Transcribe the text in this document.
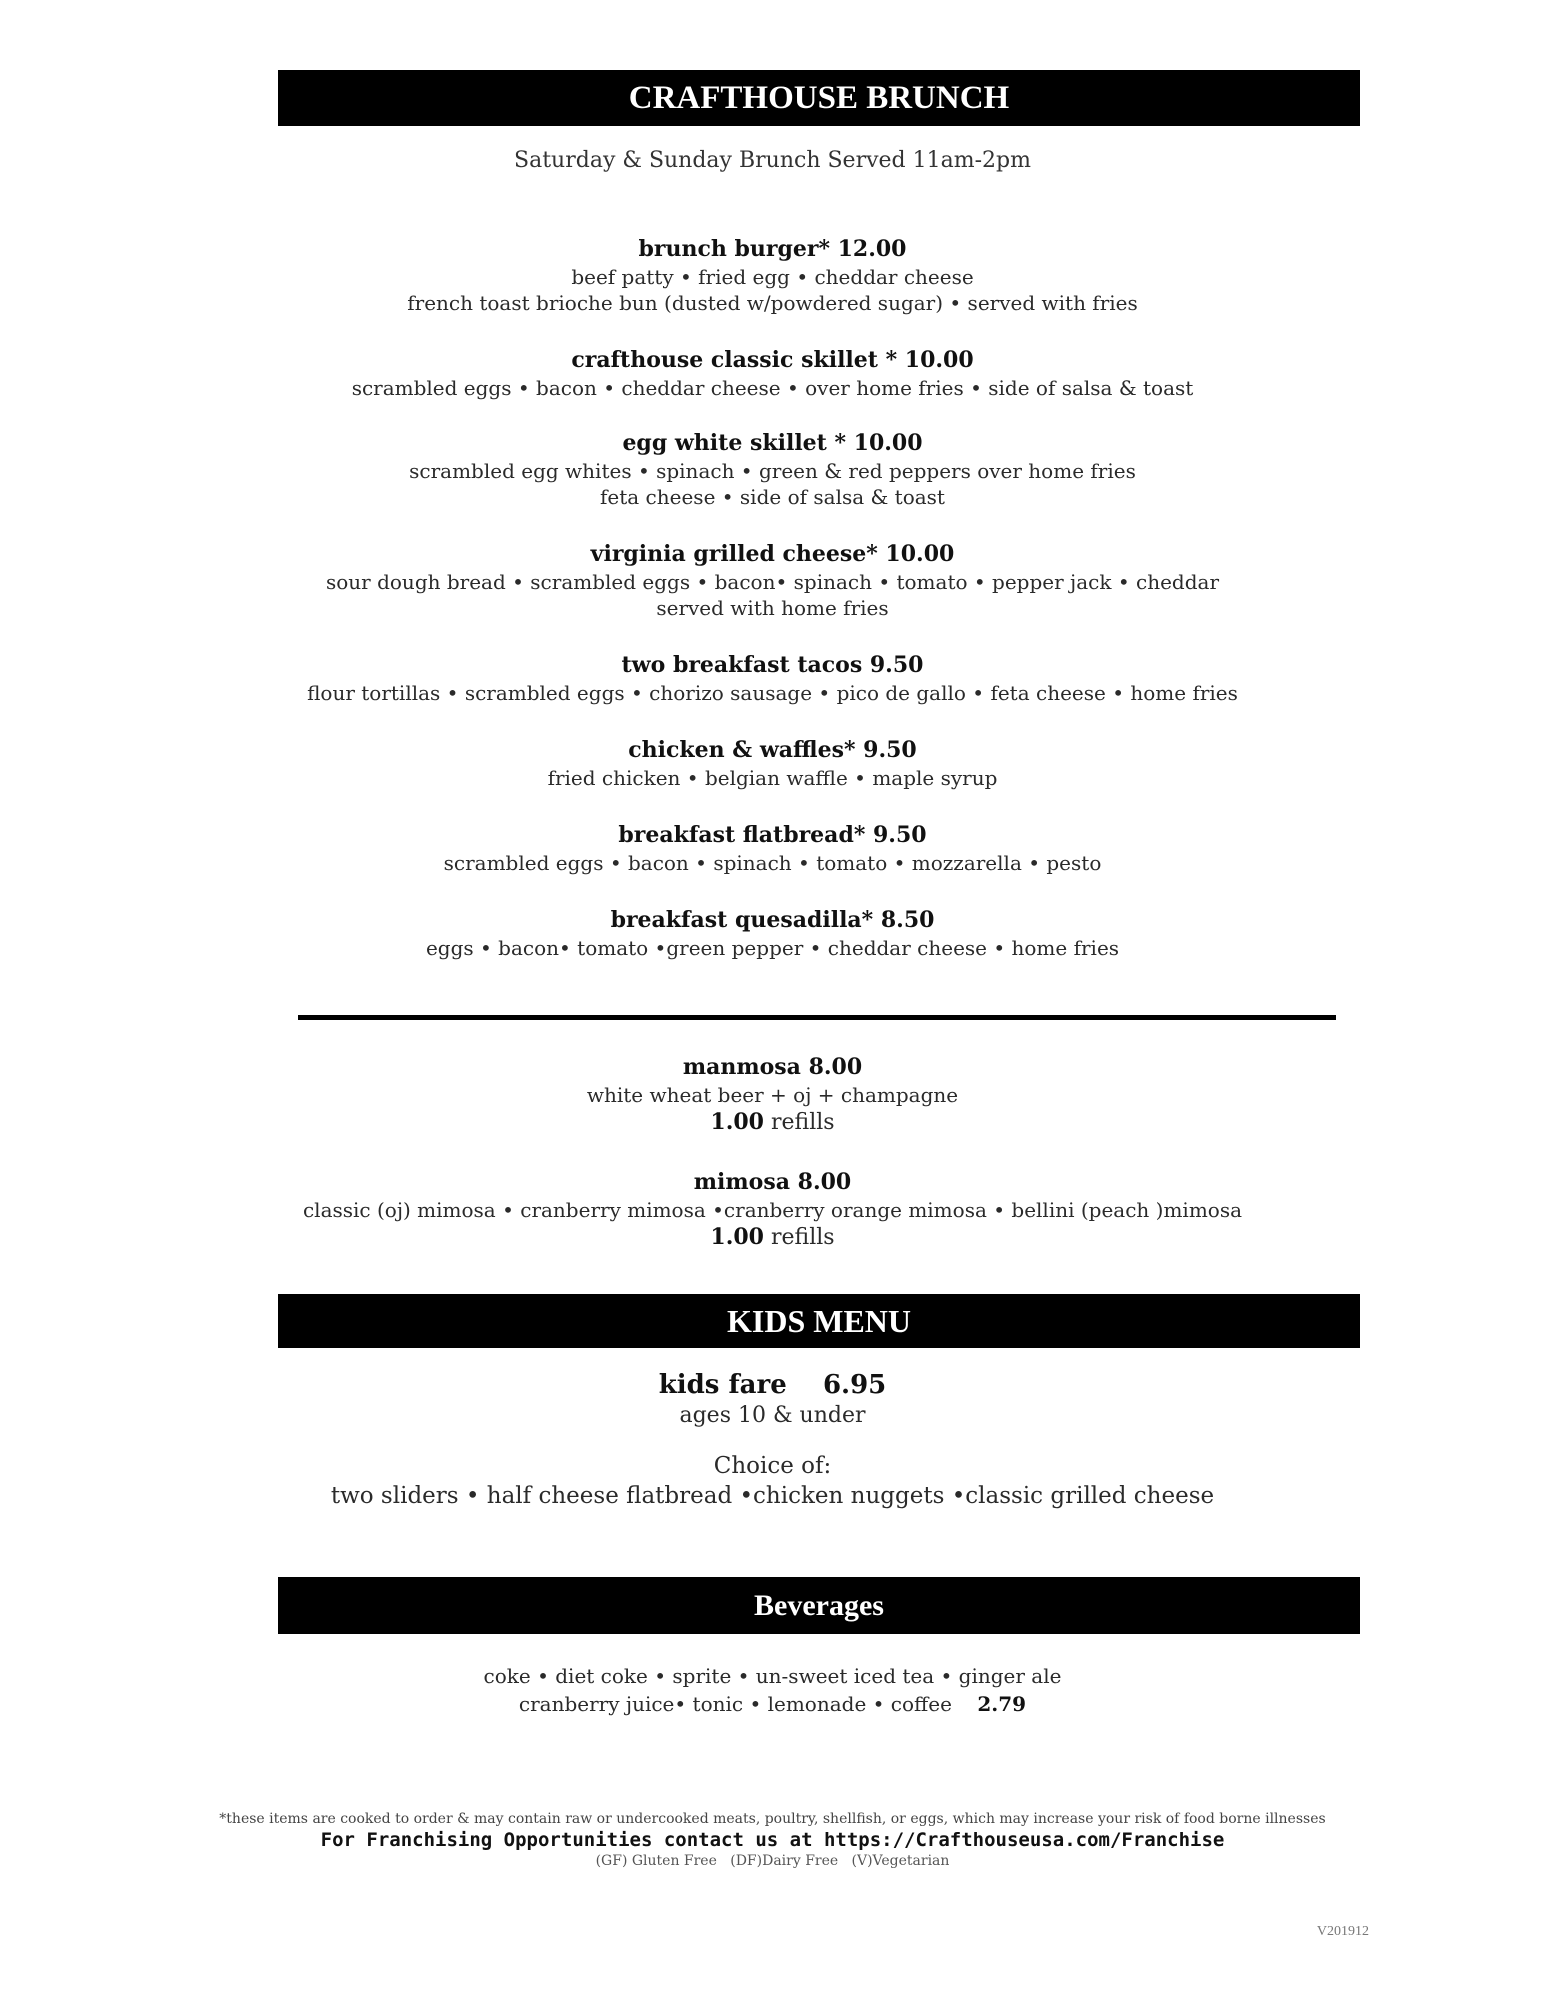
CRAFTHOUSE BRUNCH
Saturday & Sunday Brunch Served 11am-2pm
brunch burger* 12.00
beef patty • fried egg • cheddar cheese
french toast brioche bun (dusted w/powdered sugar) • served with fries
crafthouse classic skillet * 10.00
scrambled eggs • bacon • cheddar cheese • over home fries • side of salsa & toast
egg white skillet * 10.00
scrambled egg whites • spinach • green & red peppers over home fries
feta cheese • side of salsa & toast
virginia grilled cheese* 10.00
sour dough bread • scrambled eggs • bacon• spinach • tomato • pepper jack • cheddar
served with home fries
two breakfast tacos 9.50
flour tortillas • scrambled eggs • chorizo sausage • pico de gallo • feta cheese • home fries
chicken & waffles* 9.50
fried chicken • belgian waffle • maple syrup
breakfast flatbread* 9.50
scrambled eggs • bacon • spinach • tomato • mozzarella • pesto
breakfast quesadilla* 8.50
eggs • bacon• tomato •green pepper • cheddar cheese • home fries
manmosa 8.00
white wheat beer + oj + champagne
1.00 refills
mimosa 8.00
classic (oj) mimosa • cranberry mimosa •cranberry orange mimosa • bellini (peach )mimosa
1.00 refills
KIDS MENU
kids fare    6.95
ages 10 & under
Choice of:
two sliders • half cheese flatbread •chicken nuggets •classic grilled cheese
Beverages
coke • diet coke • sprite • un-sweet iced tea • ginger ale
cranberry juice• tonic • lemonade • coffee 2.79
*these items are cooked to order & may contain raw or undercooked meats, poultry, shellfish, or eggs, which may increase your risk of food borne illnesses
For Franchising Opportunities contact us at https://Crafthouseusa.com/Franchise
(GF) Gluten Free   (DF)Dairy Free   (V)Vegetarian
V201912
